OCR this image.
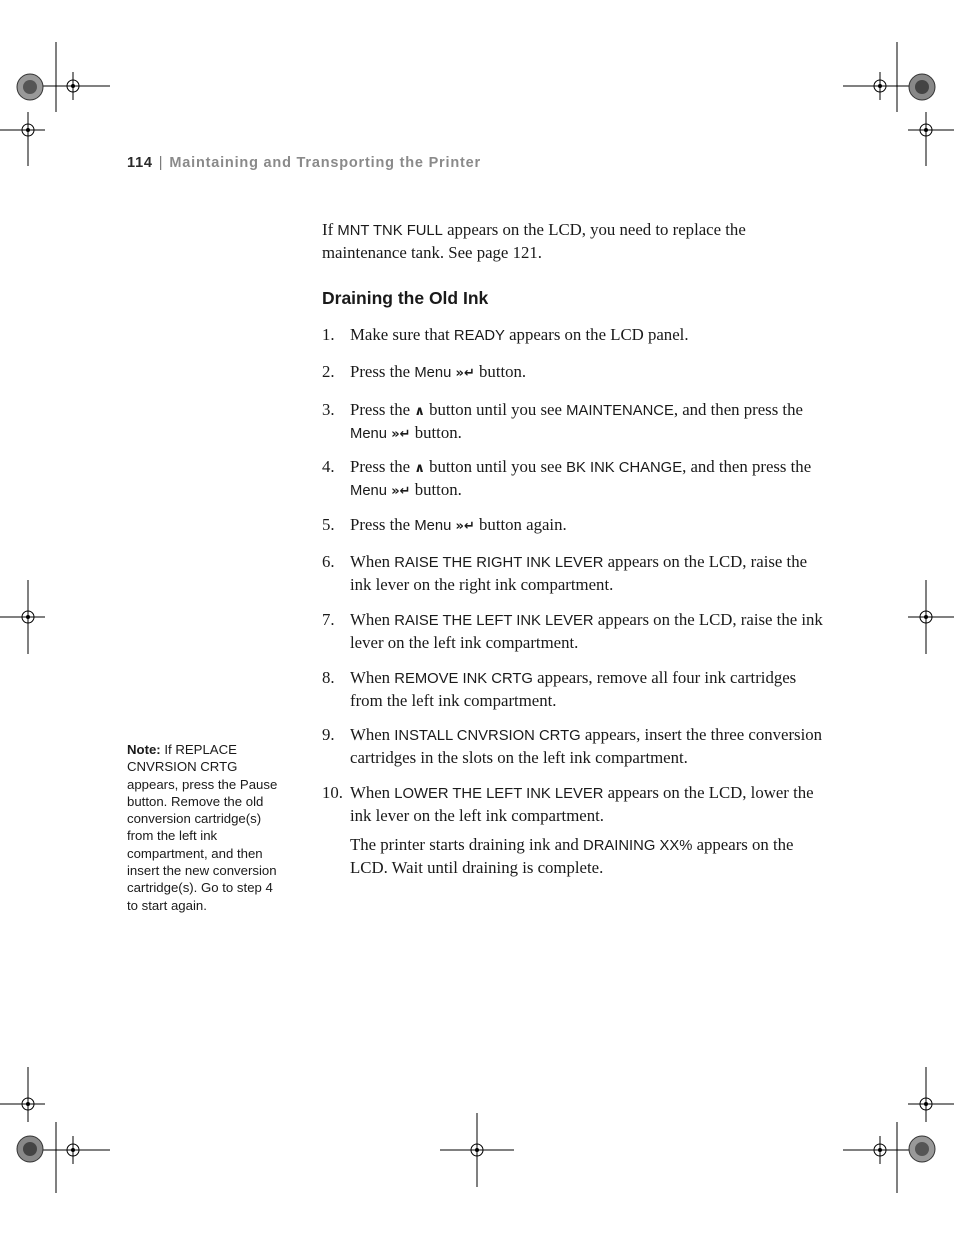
114 | Maintaining and Transporting the Printer
If MNT TNK FULL appears on the LCD, you need to replace the maintenance tank. See page 121.
Draining the Old Ink
1. Make sure that READY appears on the LCD panel.
2. Press the Menu »↵ button.
3. Press the ∧ button until you see MAINTENANCE, and then press the Menu »↵ button.
4. Press the ∧ button until you see BK INK CHANGE, and then press the Menu »↵ button.
5. Press the Menu »↵ button again.
6. When RAISE THE RIGHT INK LEVER appears on the LCD, raise the ink lever on the right ink compartment.
7. When RAISE THE LEFT INK LEVER appears on the LCD, raise the ink lever on the left ink compartment.
8. When REMOVE INK CRTG appears, remove all four ink cartridges from the left ink compartment.
9. When INSTALL CNVRSION CRTG appears, insert the three conversion cartridges in the slots on the left ink compartment.
10. When LOWER THE LEFT INK LEVER appears on the LCD, lower the ink lever on the left ink compartment.
The printer starts draining ink and DRAINING XX% appears on the LCD. Wait until draining is complete.
Note: If REPLACE CNVRSION CRTG appears, press the Pause button. Remove the old conversion cartridge(s) from the left ink compartment, and then insert the new conversion cartridge(s). Go to step 4 to start again.
